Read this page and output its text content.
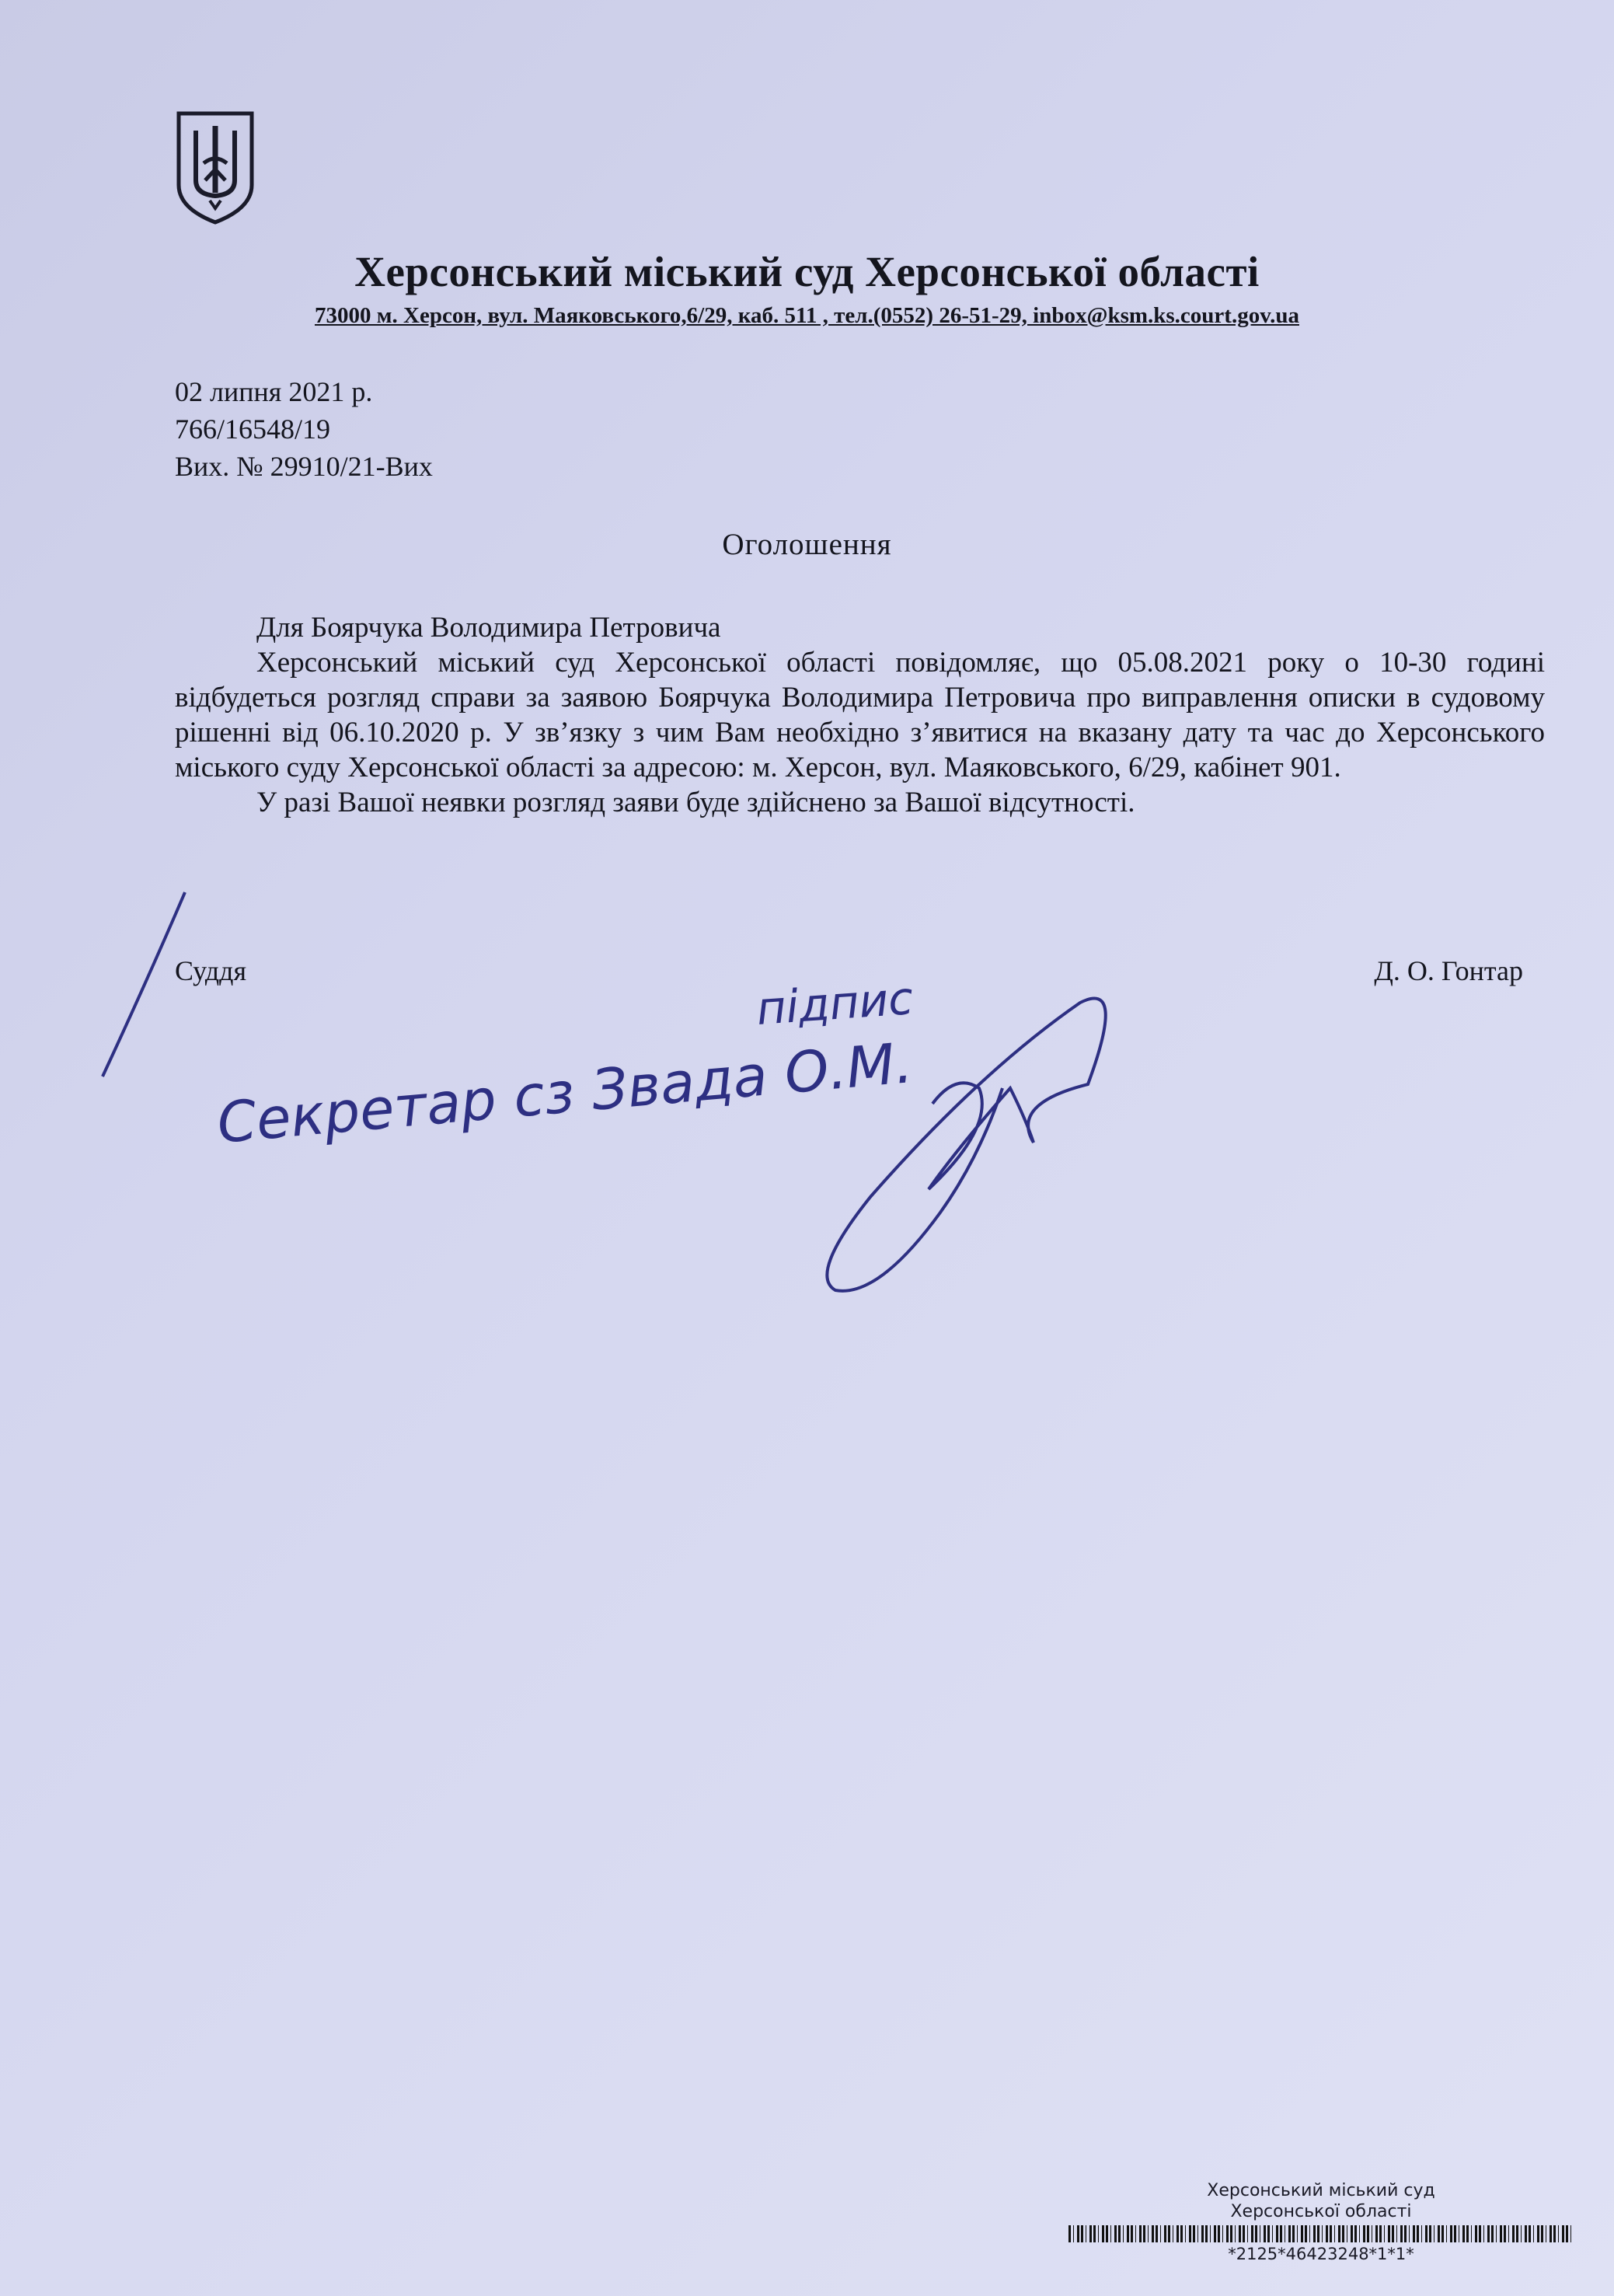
Херсонський міський суд Херсонської області
73000 м. Херсон, вул. Маяковського,6/29, каб. 511 , тел.(0552) 26-51-29, inbox@ksm.ks.court.gov.ua
02 липня 2021 р.
766/16548/19
Вих. № 29910/21-Вих
Оголошення

Для Боярчука Володимира Петровича

Херсонський міський суд Херсонської області повідомляє, що 05.08.2021 року о 10-30 годині відбудеться розгляд справи за заявою Боярчука Володимира Петровича про виправлення описки в судовому рішенні від 06.10.2020 р. У зв’язку з чим Вам необхідно з’явитися на вказану дату та час до Херсонського міського суду Херсонської області за адресою: м. Херсон, вул. Маяковського, 6/29, кабінет 901.

У разі Вашої неявки розгляд заяви буде здійснено за Вашої відсутності.

Суддя	Д. О. Гонтар
підпис
Секретар сз Звада О.М.
Херсонський міський суд
Херсонської області
*2125*46423248*1*1*
